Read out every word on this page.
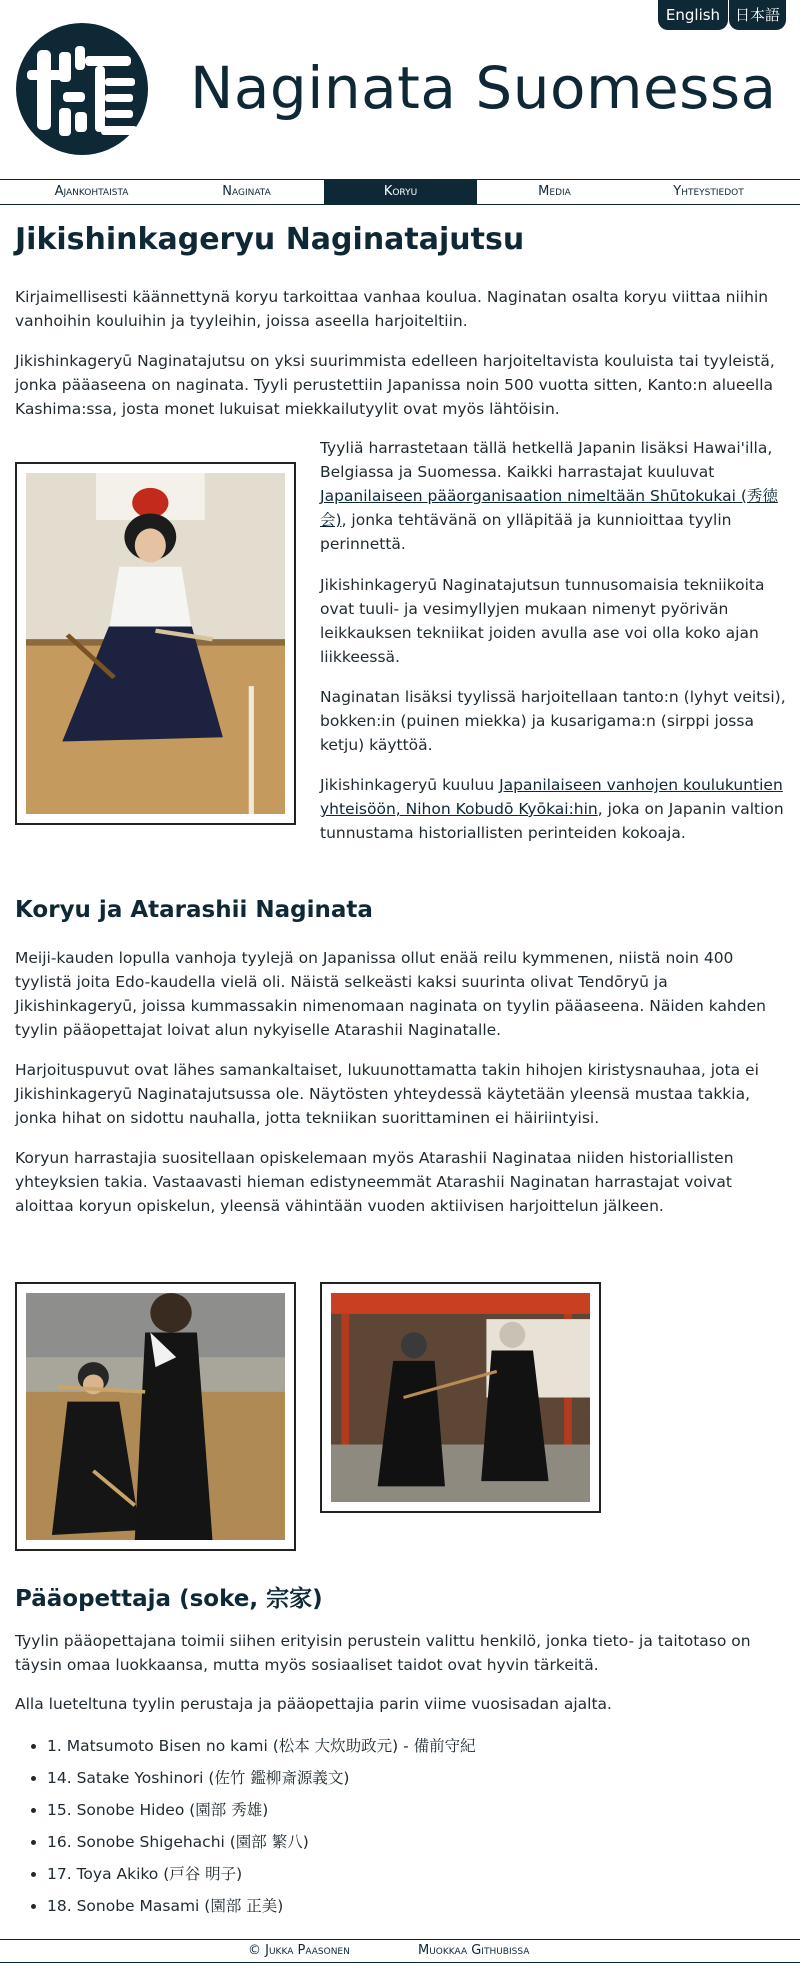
English 日本語
Naginata Suomessa
Ajankohtaista	Naginata	Koryu	Media	Yhteystiedot
Jikishinkageryu Naginatajutsu

Kirjaimellisesti käännettynä koryu tarkoittaa vanhaa koulua. Naginatan osalta koryu viittaa niihin vanhoihin kouluihin ja tyyleihin, joissa aseella harjoiteltiin.

Jikishinkageryū Naginatajutsu on yksi suurimmista edelleen harjoiteltavista kouluista tai tyyleistä, jonka pääaseena on naginata. Tyyli perustettiin Japanissa noin 500 vuotta sitten, Kanto:n alueella Kashima:ssa, josta monet lukuisat miekkailutyylit ovat myös lähtöisin.

Tyyliä harrastetaan tällä hetkellä Japanin lisäksi Hawai'illa, Belgiassa ja Suomessa. Kaikki harrastajat kuuluvat Japanilaiseen pääorganisaation nimeltään Shūtokukai (秀徳会), jonka tehtävänä on ylläpitää ja kunnioittaa tyylin perinnettä.

Jikishinkageryū Naginatajutsun tunnusomaisia tekniikoita ovat tuuli- ja vesimyllyjen mukaan nimenyt pyörivän leikkauksen tekniikat joiden avulla ase voi olla koko ajan liikkeessä.

Naginatan lisäksi tyylissä harjoitellaan tanto:n (lyhyt veitsi), bokken:in (puinen miekka) ja kusarigama:n (sirppi jossa ketju) käyttöä.

Jikishinkageryū kuuluu Japanilaiseen vanhojen koulukuntien yhteisöön, Nihon Kobudō Kyōkai:hin, joka on Japanin valtion tunnustama historiallisten perinteiden kokoaja.

Koryu ja Atarashii Naginata

Meiji-kauden lopulla vanhoja tyylejä on Japanissa ollut enää reilu kymmenen, niistä noin 400 tyylistä joita Edo-kaudella vielä oli. Näistä selkeästi kaksi suurinta olivat Tendōryū ja Jikishinkageryū, joissa kummassakin nimenomaan naginata on tyylin pääaseena. Näiden kahden tyylin pääopettajat loivat alun nykyiselle Atarashii Naginatalle.

Harjoituspuvut ovat lähes samankaltaiset, lukuunottamatta takin hihojen kiristysnauhaa, jota ei Jikishinkageryū Naginatajutsussa ole. Näytösten yhteydessä käytetään yleensä mustaa takkia, jonka hihat on sidottu nauhalla, jotta tekniikan suorittaminen ei häiriintyisi.

Koryun harrastajia suositellaan opiskelemaan myös Atarashii Naginataa niiden historiallisten yhteyksien takia. Vastaavasti hieman edistyneemmät Atarashii Naginatan harrastajat voivat aloittaa koryun opiskelun, yleensä vähintään vuoden aktiivisen harjoittelun jälkeen.

Pääopettaja (soke, 宗家)

Tyylin pääopettajana toimii siihen erityisin perustein valittu henkilö, jonka tieto- ja taitotaso on täysin omaa luokkaansa, mutta myös sosiaaliset taidot ovat hyvin tärkeitä.

Alla lueteltuna tyylin perustaja ja pääopettajia parin viime vuosisadan ajalta.

• 1. Matsumoto Bisen no kami (松本 大炊助政元) - 備前守紀
• 14. Satake Yoshinori (佐竹 鑑柳斎源義文)
• 15. Sonobe Hideo (園部 秀雄)
• 16. Sonobe Shigehachi (園部 繁八)
• 17. Toya Akiko (戸谷 明子)
• 18. Sonobe Masami (園部 正美)
© Jukka Paasonen	Muokkaa Githubissa
